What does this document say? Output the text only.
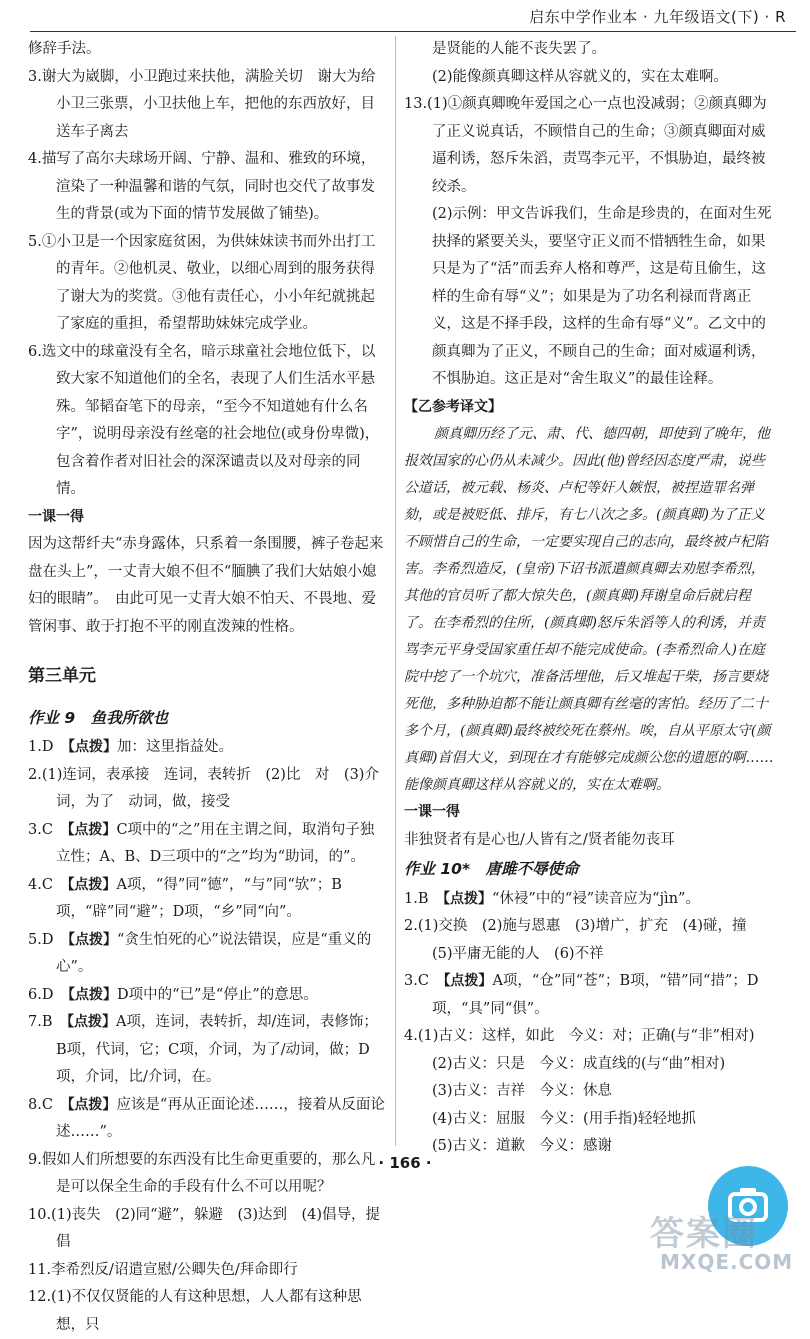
启东中学作业本 · 九年级语文(下) · R

修辞手法。

3.谢大为崴脚，小卫跑过来扶他，满脸关切　谢大为给小卫三张票，小卫扶他上车，把他的东西放好，目送车子离去

4.描写了高尔夫球场开阔、宁静、温和、雅致的环境，渲染了一种温馨和谐的气氛，同时也交代了故事发生的背景(或为下面的情节发展做了铺垫)。

5.①小卫是一个因家庭贫困，为供妹妹读书而外出打工的青年。②他机灵、敬业，以细心周到的服务获得了谢大为的奖赏。③他有责任心，小小年纪就挑起了家庭的重担，希望帮助妹妹完成学业。

6.选文中的球童没有全名，暗示球童社会地位低下，以致大家不知道他们的全名，表现了人们生活水平悬殊。邹韬奋笔下的母亲，“至今不知道她有什么名字”，说明母亲没有丝毫的社会地位(或身份卑微)，包含着作者对旧社会的深深谴责以及对母亲的同情。

一课一得

因为这帮纤夫“赤身露体，只系着一条围腰，裤子卷起来盘在头上”，一丈青大娘不但不“腼腆了我们大姑娘小媳妇的眼睛”。　由此可见一丈青大娘不怕天、不畏地、爱管闲事、敢于打抱不平的刚直泼辣的性格。

第三单元
作业 9　鱼我所欲也

1.D　【点拨】加：这里指益处。

2.(1)连词，表承接　连词，表转折　(2)比　对　(3)介词，为了　动词，做，接受

3.C　【点拨】C项中的“之”用在主谓之间，取消句子独立性；A、B、D三项中的“之”均为“助词，的”。

4.C　【点拨】A项，“得”同“德”，“与”同“欤”；B项，“辟”同“避”；D项，“乡”同“向”。

5.D　【点拨】“贪生怕死的心”说法错误，应是“重义的心”。

6.D　【点拨】D项中的“已”是“停止”的意思。

7.B　【点拨】A项，连词，表转折，却/连词，表修饰；B项，代词，它；C项，介词，为了/动词，做；D项，介词，比/介词，在。

8.C　【点拨】应该是“再从正面论述……，接着从反面论述……”。

9.假如人们所想要的东西没有比生命更重要的，那么凡是可以保全生命的手段有什么不可以用呢？

10.(1)丧失　(2)同“避”，躲避　(3)达到　(4)倡导，提倡

11.李希烈反/诏遣宣慰/公卿失色/拜命即行

12.(1)不仅仅贤能的人有这种思想，人人都有这种思想，只

是贤能的人能不丧失罢了。

(2)能像颜真卿这样从容就义的，实在太难啊。

13.(1)①颜真卿晚年爱国之心一点也没减弱；②颜真卿为了正义说真话，不顾惜自己的生命；③颜真卿面对威逼利诱，怒斥朱滔，责骂李元平，不惧胁迫，最终被绞杀。

(2)示例：甲文告诉我们，生命是珍贵的，在面对生死抉择的紧要关头，要坚守正义而不惜牺牲生命，如果只是为了“活”而丢弃人格和尊严，这是苟且偷生，这样的生命有辱“义”；如果是为了功名利禄而背离正义，这是不择手段，这样的生命有辱“义”。乙文中的颜真卿为了正义，不顾自己的生命；面对威逼利诱，不惧胁迫。这正是对“舍生取义”的最佳诠释。

【乙参考译文】

颜真卿历经了元、肃、代、德四朝，即使到了晚年，他报效国家的心仍从未减少。因此(他)曾经因态度严肃，说些公道话，被元载、杨炎、卢杞等奸人嫉恨，被捏造罪名弹劾，或是被贬低、排斥，有七八次之多。(颜真卿)为了正义不顾惜自己的生命，一定要实现自己的志向，最终被卢杞陷害。李希烈造反，(皇帝)下诏书派遣颜真卿去劝慰李希烈，其他的官员听了都大惊失色，(颜真卿)拜谢皇命后就启程了。在李希烈的住所，(颜真卿)怒斥朱滔等人的利诱，并责骂李元平身受国家重任却不能完成使命。(李希烈命人)在庭院中挖了一个坑穴，准备活埋他，后又堆起干柴，扬言要烧死他，多种胁迫都不能让颜真卿有丝毫的害怕。经历了二十多个月，(颜真卿)最终被绞死在蔡州。唉，自从平原太守(颜真卿)首倡大义，到现在才有能够完成颜公您的遗愿的啊……能像颜真卿这样从容就义的，实在太难啊。

一课一得

非独贤者有是心也/人皆有之/贤者能勿丧耳

作业 10*　唐雎不辱使命

1.B　【点拨】“休祲”中的“祲”读音应为“jìn”。

2.(1)交换　(2)施与恩惠　(3)增广，扩充　(4)碰，撞

(5)平庸无能的人　(6)不祥

3.C　【点拨】A项，“仓”同“苍”；B项，“错”同“措”；D项，“具”同“俱”。

4.(1)古义：这样，如此　今义：对；正确(与“非”相对)

(2)古义：只是　今义：成直线的(与“曲”相对)

(3)古义：吉祥　今义：休息

(4)古义：屈服　今义：(用手指)轻轻地抓

(5)古义：道歉　今义：感谢

· 166 ·
答案圈
MXQE.COM
